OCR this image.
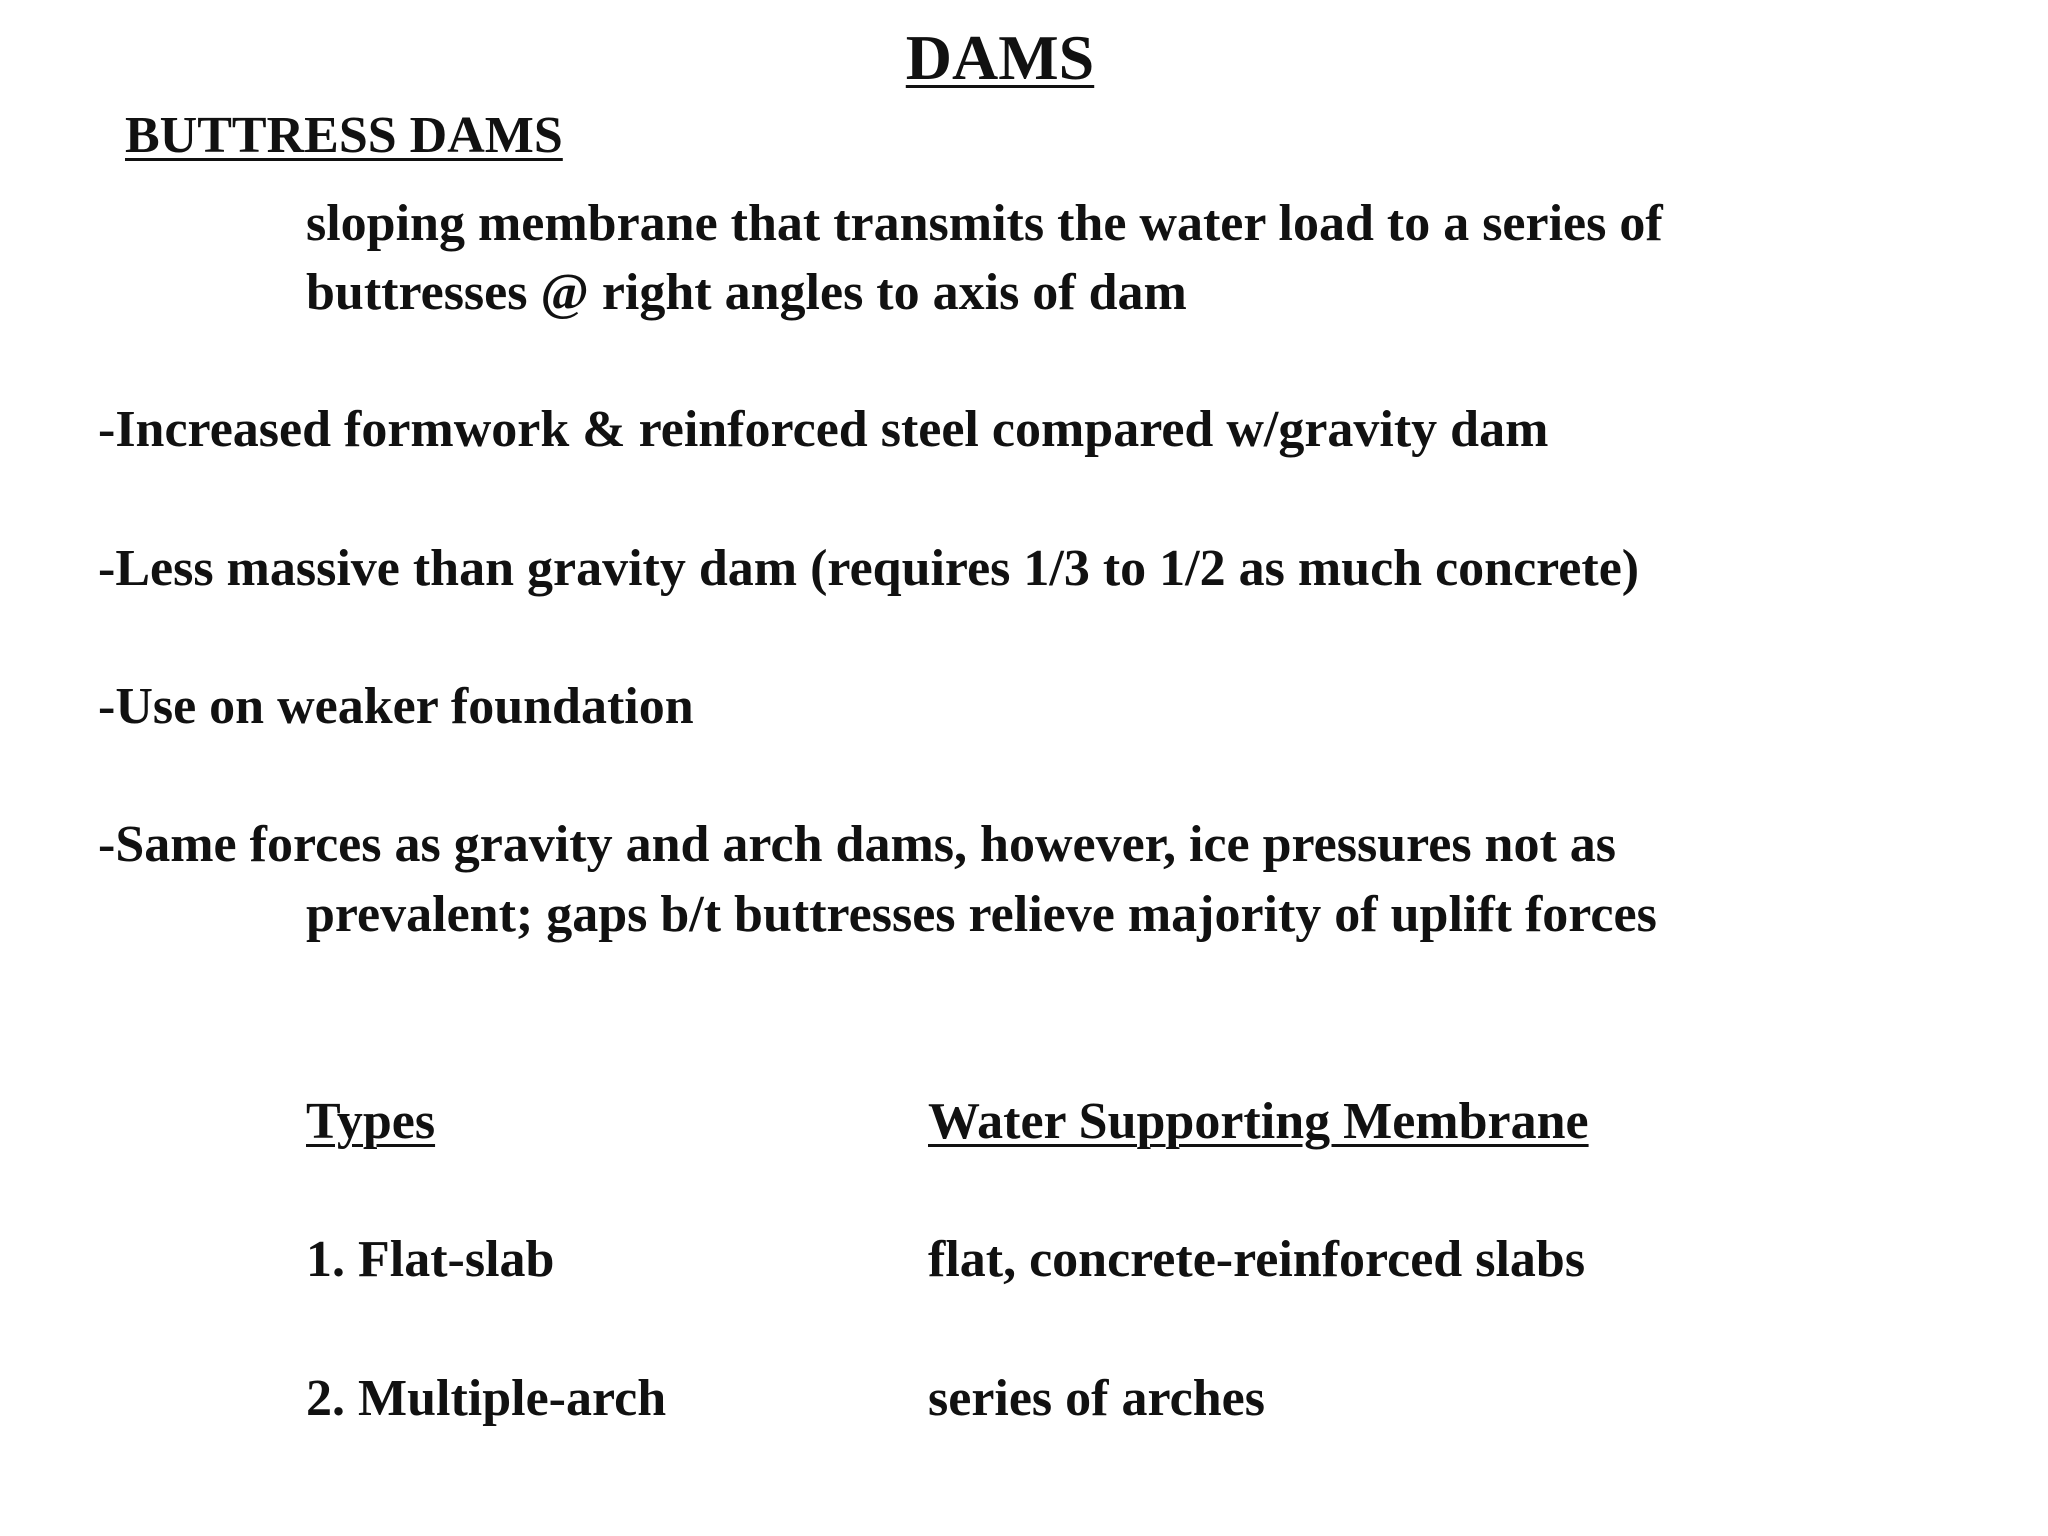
DAMS
BUTTRESS DAMS
sloping membrane that transmits the water load to a series of
buttresses @ right angles to axis of dam
-Increased formwork & reinforced steel compared w/gravity dam
-Less massive than gravity dam (requires 1/3 to 1/2 as much concrete)
-Use on weaker foundation
-Same forces as gravity and arch dams, however, ice pressures not as
prevalent; gaps b/t buttresses relieve majority of uplift forces
Types	Water Supporting Membrane
1. Flat-slab	flat, concrete-reinforced slabs
2. Multiple-arch	series of arches
